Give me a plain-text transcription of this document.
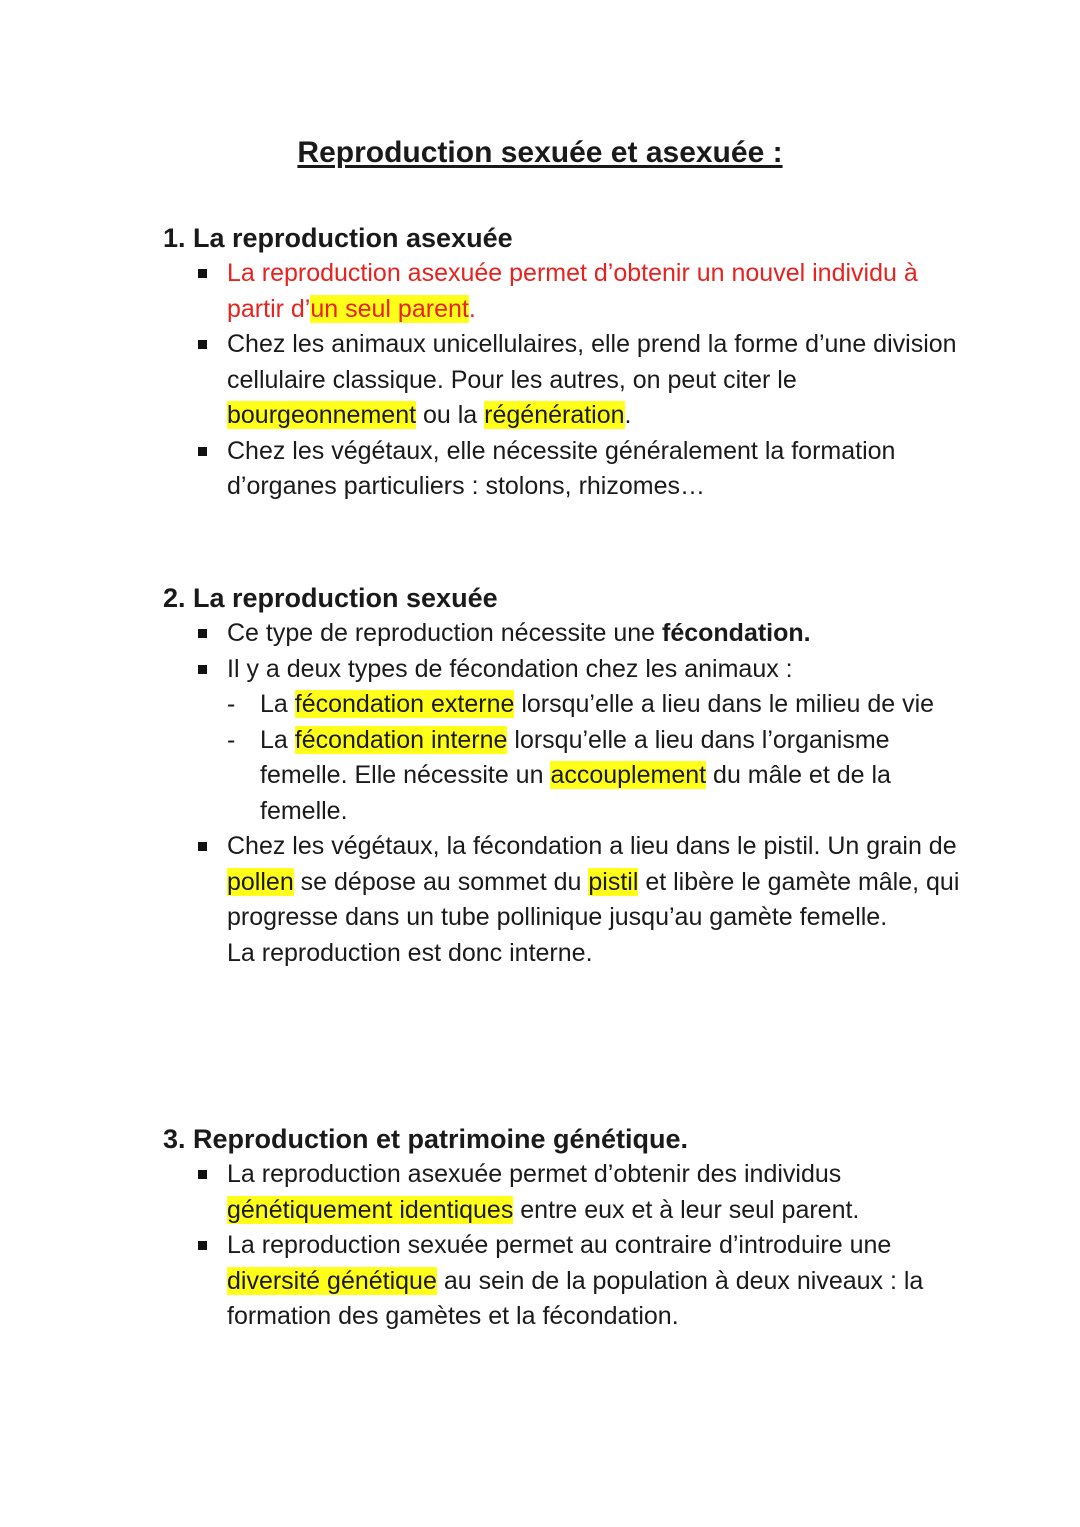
Reproduction sexuée et asexuée :
1. La reproduction asexuée
La reproduction asexuée permet d’obtenir un nouvel individu à partir d’un seul parent.
Chez les animaux unicellulaires, elle prend la forme d’une division cellulaire classique. Pour les autres, on peut citer le bourgeonnement ou la régénération.
Chez les végétaux, elle nécessite généralement la formation d’organes particuliers : stolons, rhizomes…
2. La reproduction sexuée
Ce type de reproduction nécessite une fécondation.
Il y a deux types de fécondation chez les animaux :
- La fécondation externe lorsqu’elle a lieu dans le milieu de vie
- La fécondation interne lorsqu’elle a lieu dans l’organisme femelle. Elle nécessite un accouplement du mâle et de la femelle.
Chez les végétaux, la fécondation a lieu dans le pistil. Un grain de pollen se dépose au sommet du pistil et libère le gamète mâle, qui progresse dans un tube pollinique jusqu’au gamète femelle.
La reproduction est donc interne.
3. Reproduction et patrimoine génétique.
La reproduction asexuée permet d’obtenir des individus génétiquement identiques entre eux et à leur seul parent.
La reproduction sexuée permet au contraire d’introduire une diversité génétique au sein de la population à deux niveaux : la formation des gamètes et la fécondation.
